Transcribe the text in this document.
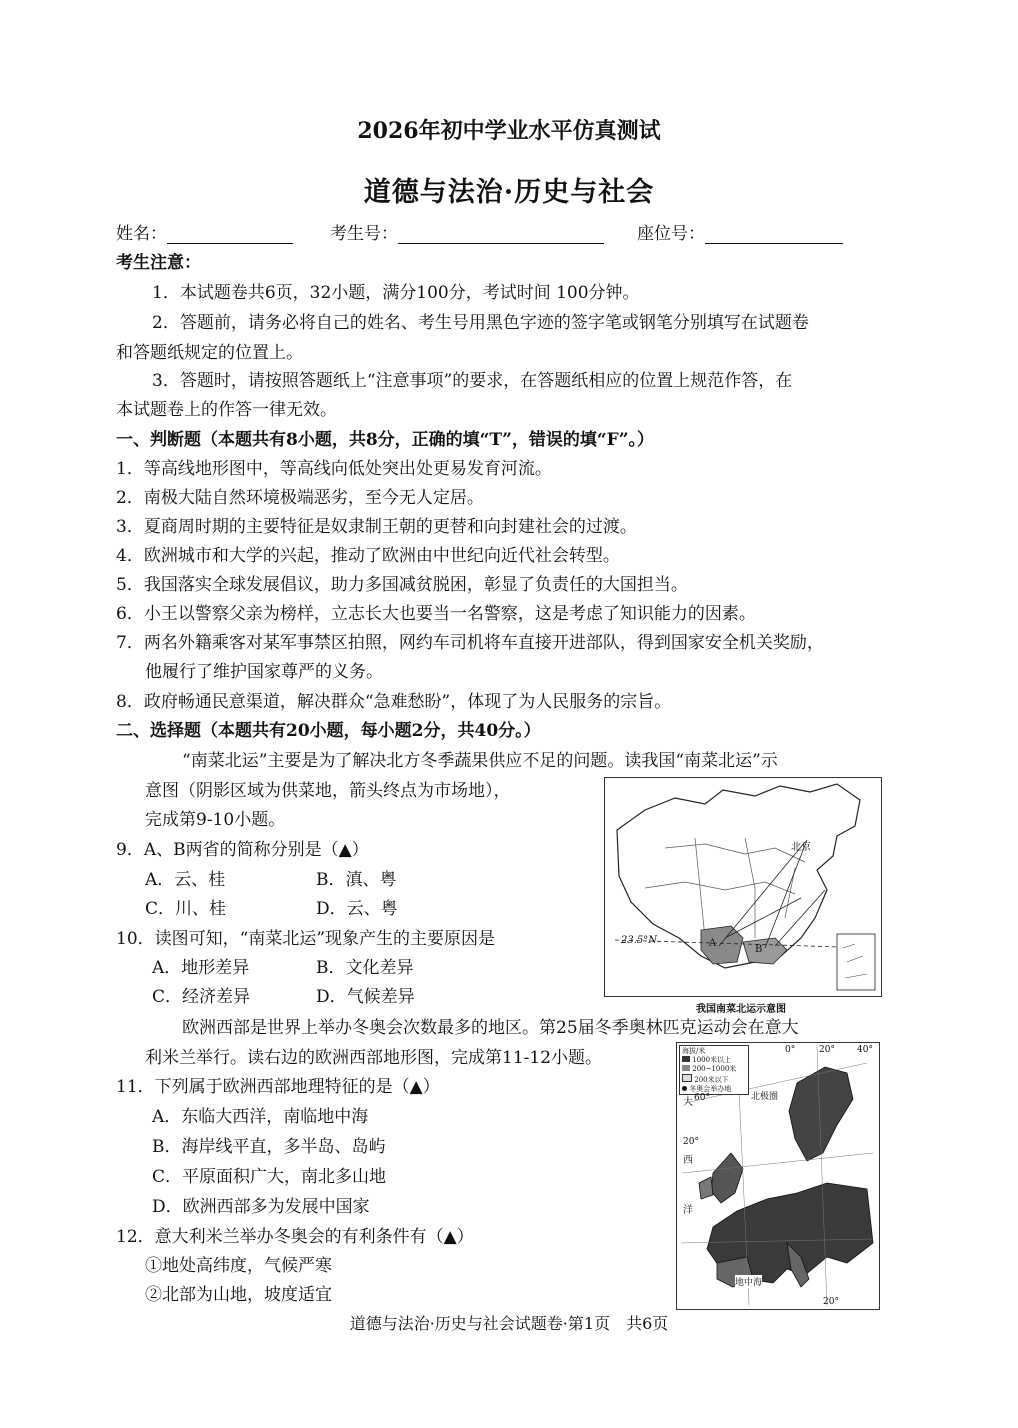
2026年初中学业水平仿真测试
道德与法治·历史与社会
姓名：	考生号：	座位号：
考生注意：
1．本试题卷共6页，32小题，满分100分，考试时间 100分钟。
2．答题前，请务必将自己的姓名、考生号用黑色字迹的签字笔或钢笔分别填写在试题卷
和答题纸规定的位置上。
3．答题时，请按照答题纸上“注意事项”的要求，在答题纸相应的位置上规范作答，在
本试题卷上的作答一律无效。
一、判断题（本题共有8小题，共8分，正确的填“T”，错误的填“F”。）
1．等高线地形图中，等高线向低处突出处更易发育河流。
2．南极大陆自然环境极端恶劣，至今无人定居。
3．夏商周时期的主要特征是奴隶制王朝的更替和向封建社会的过渡。
4．欧洲城市和大学的兴起，推动了欧洲由中世纪向近代社会转型。
5．我国落实全球发展倡议，助力多国减贫脱困，彰显了负责任的大国担当。
6．小王以警察父亲为榜样，立志长大也要当一名警察，这是考虑了知识能力的因素。
7．两名外籍乘客对某军事禁区拍照，网约车司机将车直接开进部队，得到国家安全机关奖励，
他履行了维护国家尊严的义务。
8．政府畅通民意渠道，解决群众“急难愁盼”，体现了为人民服务的宗旨。
二、选择题（本题共有20小题，每小题2分，共40分。）
“南菜北运”主要是为了解决北方冬季蔬果供应不足的问题。读我国“南菜北运”示
意图（阴影区域为供菜地，箭头终点为市场地），
完成第9-10小题。
9．A、B两省的简称分别是（▲）
A．云、桂	B．滇、粤
C．川、桂	D．云、粤
10．读图可知，“南菜北运”现象产生的主要原因是
A．地形差异	B．文化差异
C．经济差异	D．气候差异
23.5°N	A
B
北京
我国南菜北运示意图
欧洲西部是世界上举办冬奥会次数最多的地区。第25届冬季奥林匹克运动会在意大
利米兰举行。读右边的欧洲西部地形图，完成第11-12小题。	海拔/米
1000米以上
200~1000米
200米以下
冬奥会举办地
0°	20° 40°
大 60°
20°
西
洋
北极圈
地中海
20°
11．下列属于欧洲西部地理特征的是（▲）
A．东临大西洋，南临地中海
B．海岸线平直，多半岛、岛屿
C．平原面积广大，南北多山地
D．欧洲西部多为发展中国家
12．意大利米兰举办冬奥会的有利条件有（▲）
①地处高纬度，气候严寒
②北部为山地，坡度适宜
道德与法治·历史与社会试题卷·第1页　共6页
